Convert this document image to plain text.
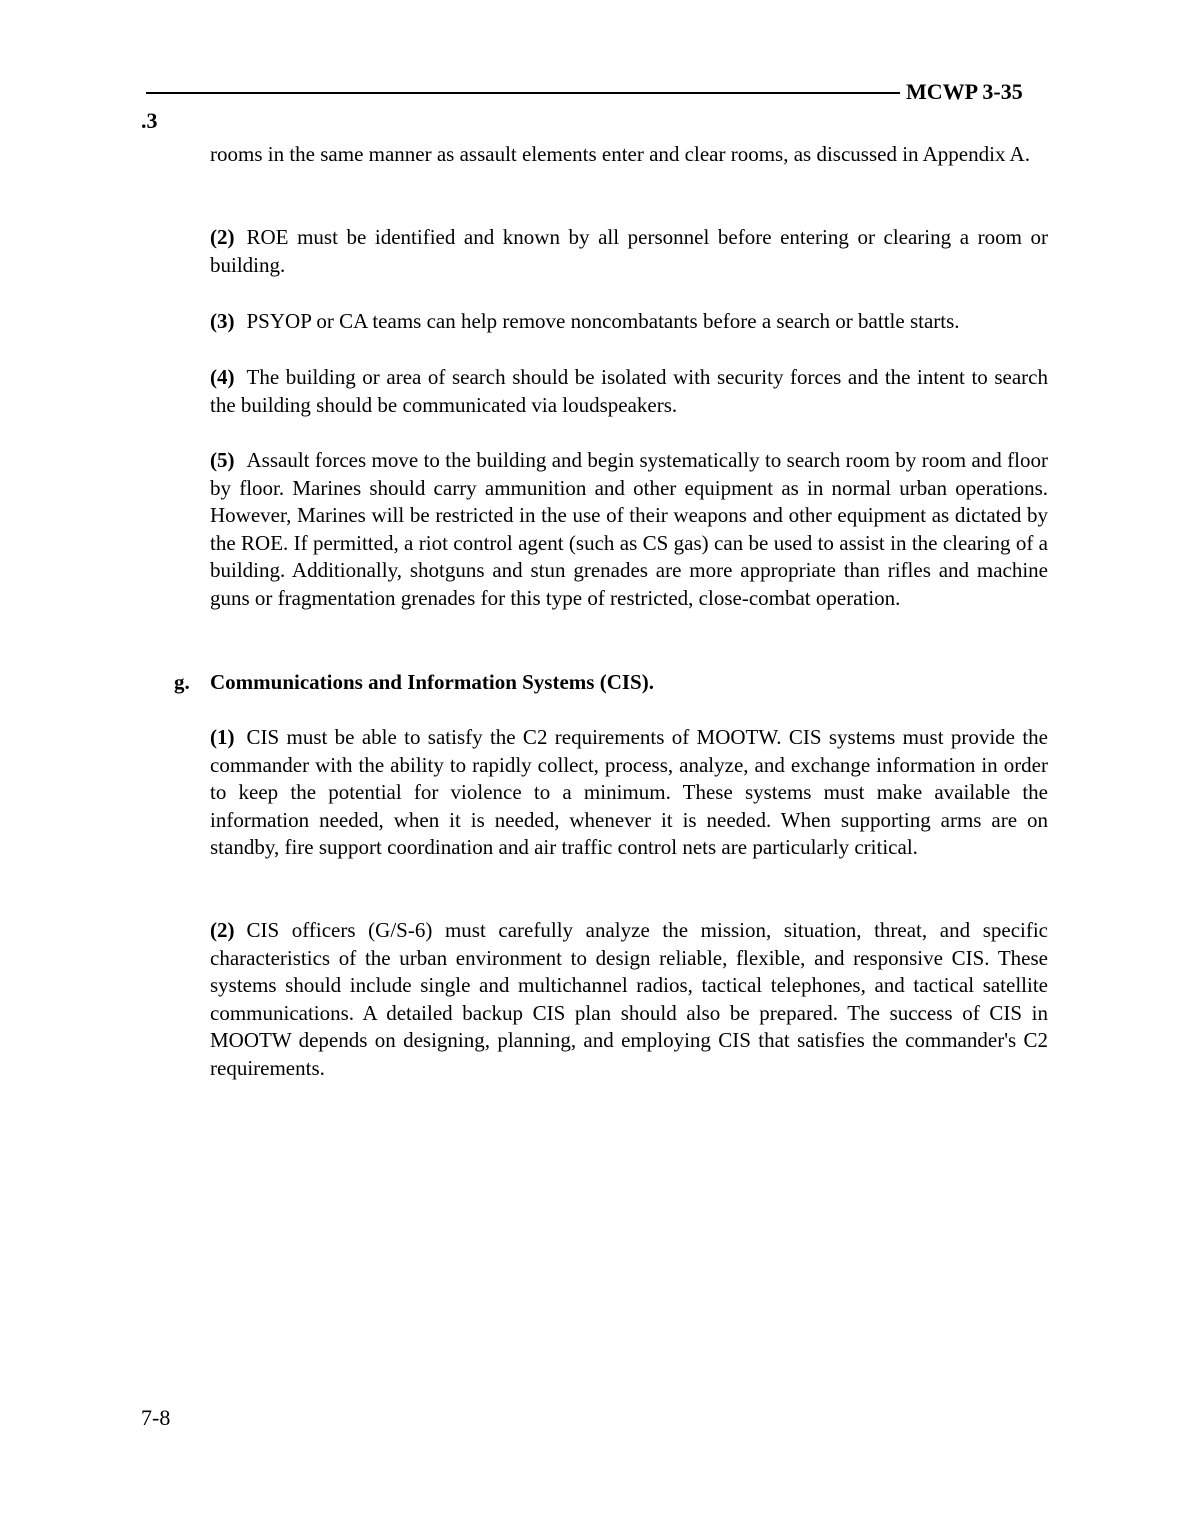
MCWP 3-35
.3

rooms in the same manner as assault elements enter and clear rooms, as discussed in Appendix A.

(2) ROE must be identified and known by all personnel before entering or clearing a room or building.

(3) PSYOP or CA teams can help remove noncombatants before a search or battle starts.

(4) The building or area of search should be isolated with security forces and the intent to search the building should be communicated via loudspeakers.

(5) Assault forces move to the building and begin systematically to search room by room and floor by floor. Marines should carry ammunition and other equipment as in normal urban operations. However, Marines will be restricted in the use of their weapons and other equipment as dictated by the ROE. If permitted, a riot control agent (such as CS gas) can be used to assist in the clearing of a building. Additionally, shotguns and stun grenades are more appropriate than rifles and machine guns or fragmentation grenades for this type of restricted, close-combat operation.

g. Communications and Information Systems (CIS).

(1) CIS must be able to satisfy the C2 requirements of MOOTW. CIS systems must provide the commander with the ability to rapidly collect, process, analyze, and exchange information in order to keep the potential for violence to a minimum. These systems must make available the information needed, when it is needed, whenever it is needed. When supporting arms are on standby, fire support coordination and air traffic control nets are particularly critical.

(2) CIS officers (G/S-6) must carefully analyze the mission, situation, threat, and specific characteristics of the urban environment to design reliable, flexible, and responsive CIS. These systems should include single and multichannel radios, tactical telephones, and tactical satellite communications. A detailed backup CIS plan should also be prepared. The success of CIS in MOOTW depends on designing, planning, and employing CIS that satisfies the commander's C2 requirements.

7-8
